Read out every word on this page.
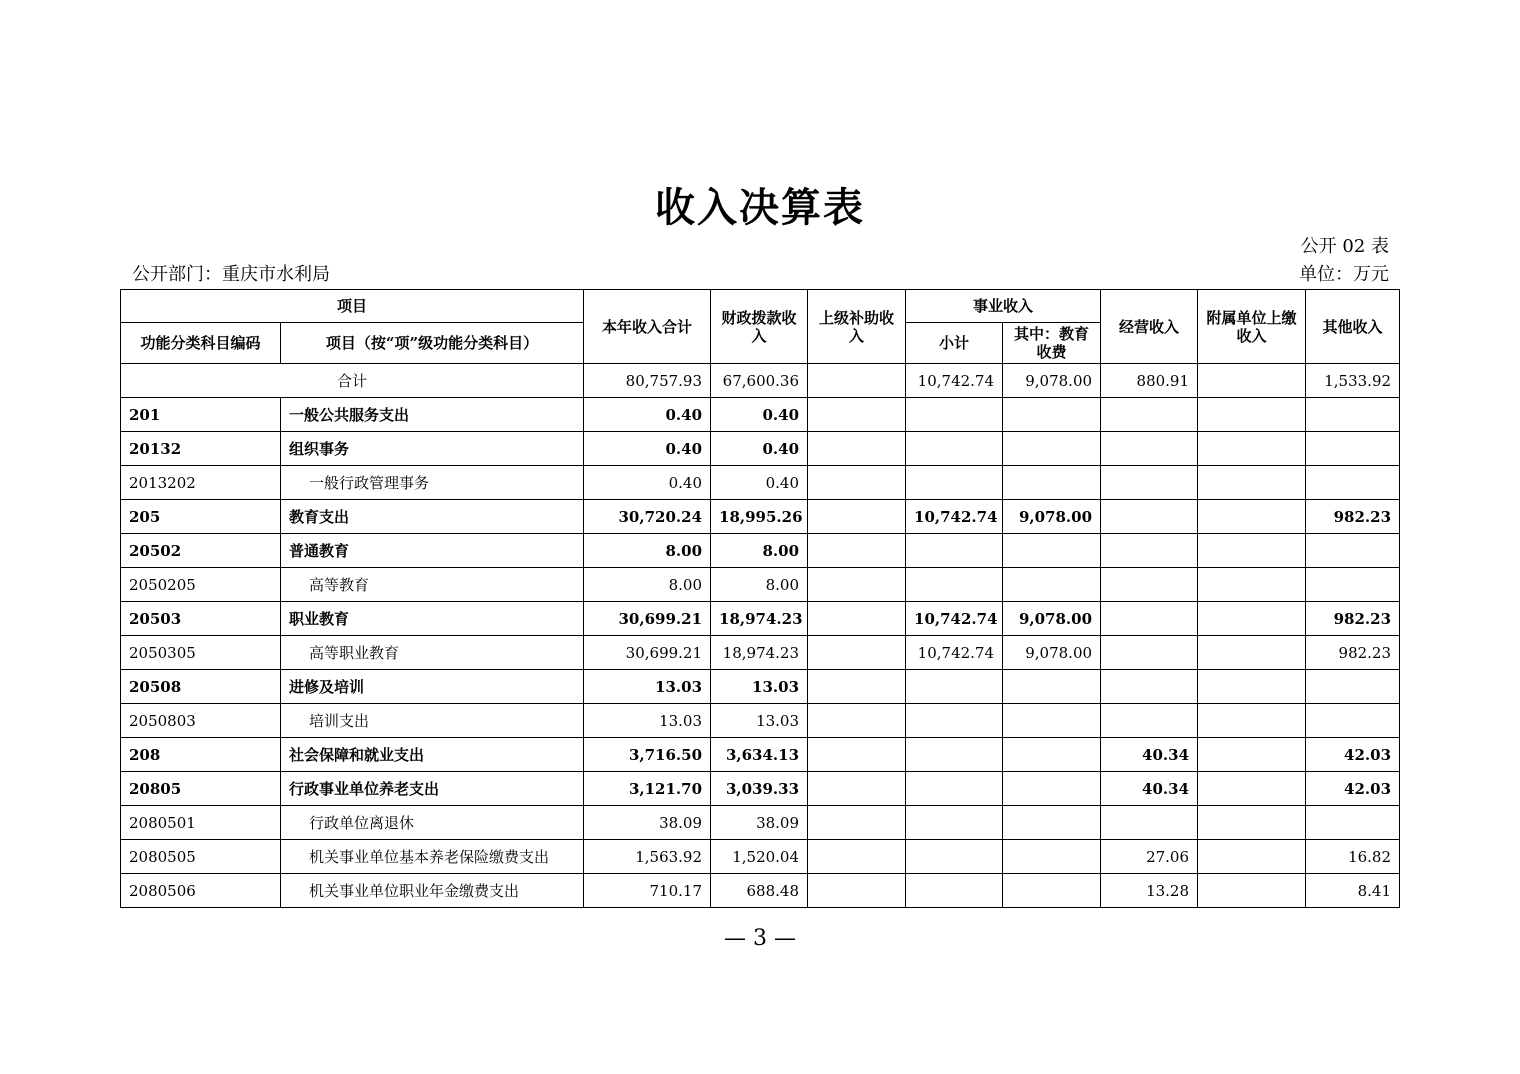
收入决算表
公开 02 表
公开部门：重庆市水利局	单位：万元
项目		本年收入合计	财政拨款收入	上级补助收入	事业收入		经营收入	附属单位上缴收入	其他收入
功能分类科目编码	项目（按“项”级功能分类科目）				小计	其中：教育收费			
合计		80,757.93	67,600.36		10,742.74	9,078.00	880.91		1,533.92
201	一般公共服务支出	0.40	0.40						
20132	组织事务	0.40	0.40						
2013202	一般行政管理事务	0.40	0.40						
205	教育支出	30,720.24	18,995.26		10,742.74	9,078.00			982.23
20502	普通教育	8.00	8.00						
2050205	高等教育	8.00	8.00						
20503	职业教育	30,699.21	18,974.23		10,742.74	9,078.00			982.23
2050305	高等职业教育	30,699.21	18,974.23		10,742.74	9,078.00			982.23
20508	进修及培训	13.03	13.03						
2050803	培训支出	13.03	13.03						
208	社会保障和就业支出	3,716.50	3,634.13				40.34		42.03
20805	行政事业单位养老支出	3,121.70	3,039.33				40.34		42.03
2080501	行政单位离退休	38.09	38.09						
2080505	机关事业单位基本养老保险缴费支出	1,563.92	1,520.04				27.06		16.82
2080506	机关事业单位职业年金缴费支出	710.17	688.48				13.28		8.41
— 3 —
